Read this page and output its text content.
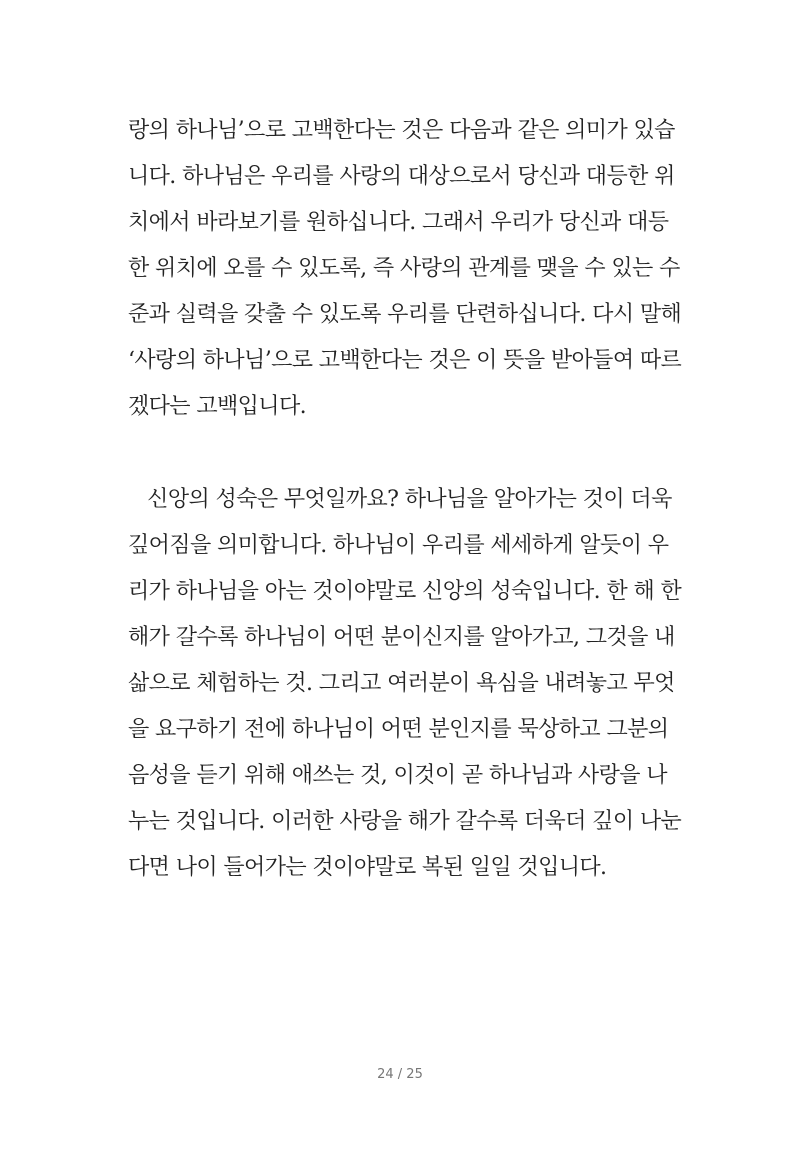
랑의 하나님’으로 고백한다는 것은 다음과 같은 의미가 있습
니다. 하나님은 우리를 사랑의 대상으로서 당신과 대등한 위
치에서 바라보기를 원하십니다. 그래서 우리가 당신과 대등
한 위치에 오를 수 있도록, 즉 사랑의 관계를 맺을 수 있는 수
준과 실력을 갖출 수 있도록 우리를 단련하십니다. 다시 말해
‘사랑의 하나님’으로 고백한다는 것은 이 뜻을 받아들여 따르
겠다는 고백입니다.
신앙의 성숙은 무엇일까요? 하나님을 알아가는 것이 더욱
깊어짐을 의미합니다. 하나님이 우리를 세세하게 알듯이 우
리가 하나님을 아는 것이야말로 신앙의 성숙입니다. 한 해 한
해가 갈수록 하나님이 어떤 분이신지를 알아가고, 그것을 내
삶으로 체험하는 것. 그리고 여러분이 욕심을 내려놓고 무엇
을 요구하기 전에 하나님이 어떤 분인지를 묵상하고 그분의
음성을 듣기 위해 애쓰는 것, 이것이 곧 하나님과 사랑을 나
누는 것입니다. 이러한 사랑을 해가 갈수록 더욱더 깊이 나눈
다면 나이 들어가는 것이야말로 복된 일일 것입니다.
24 / 25
